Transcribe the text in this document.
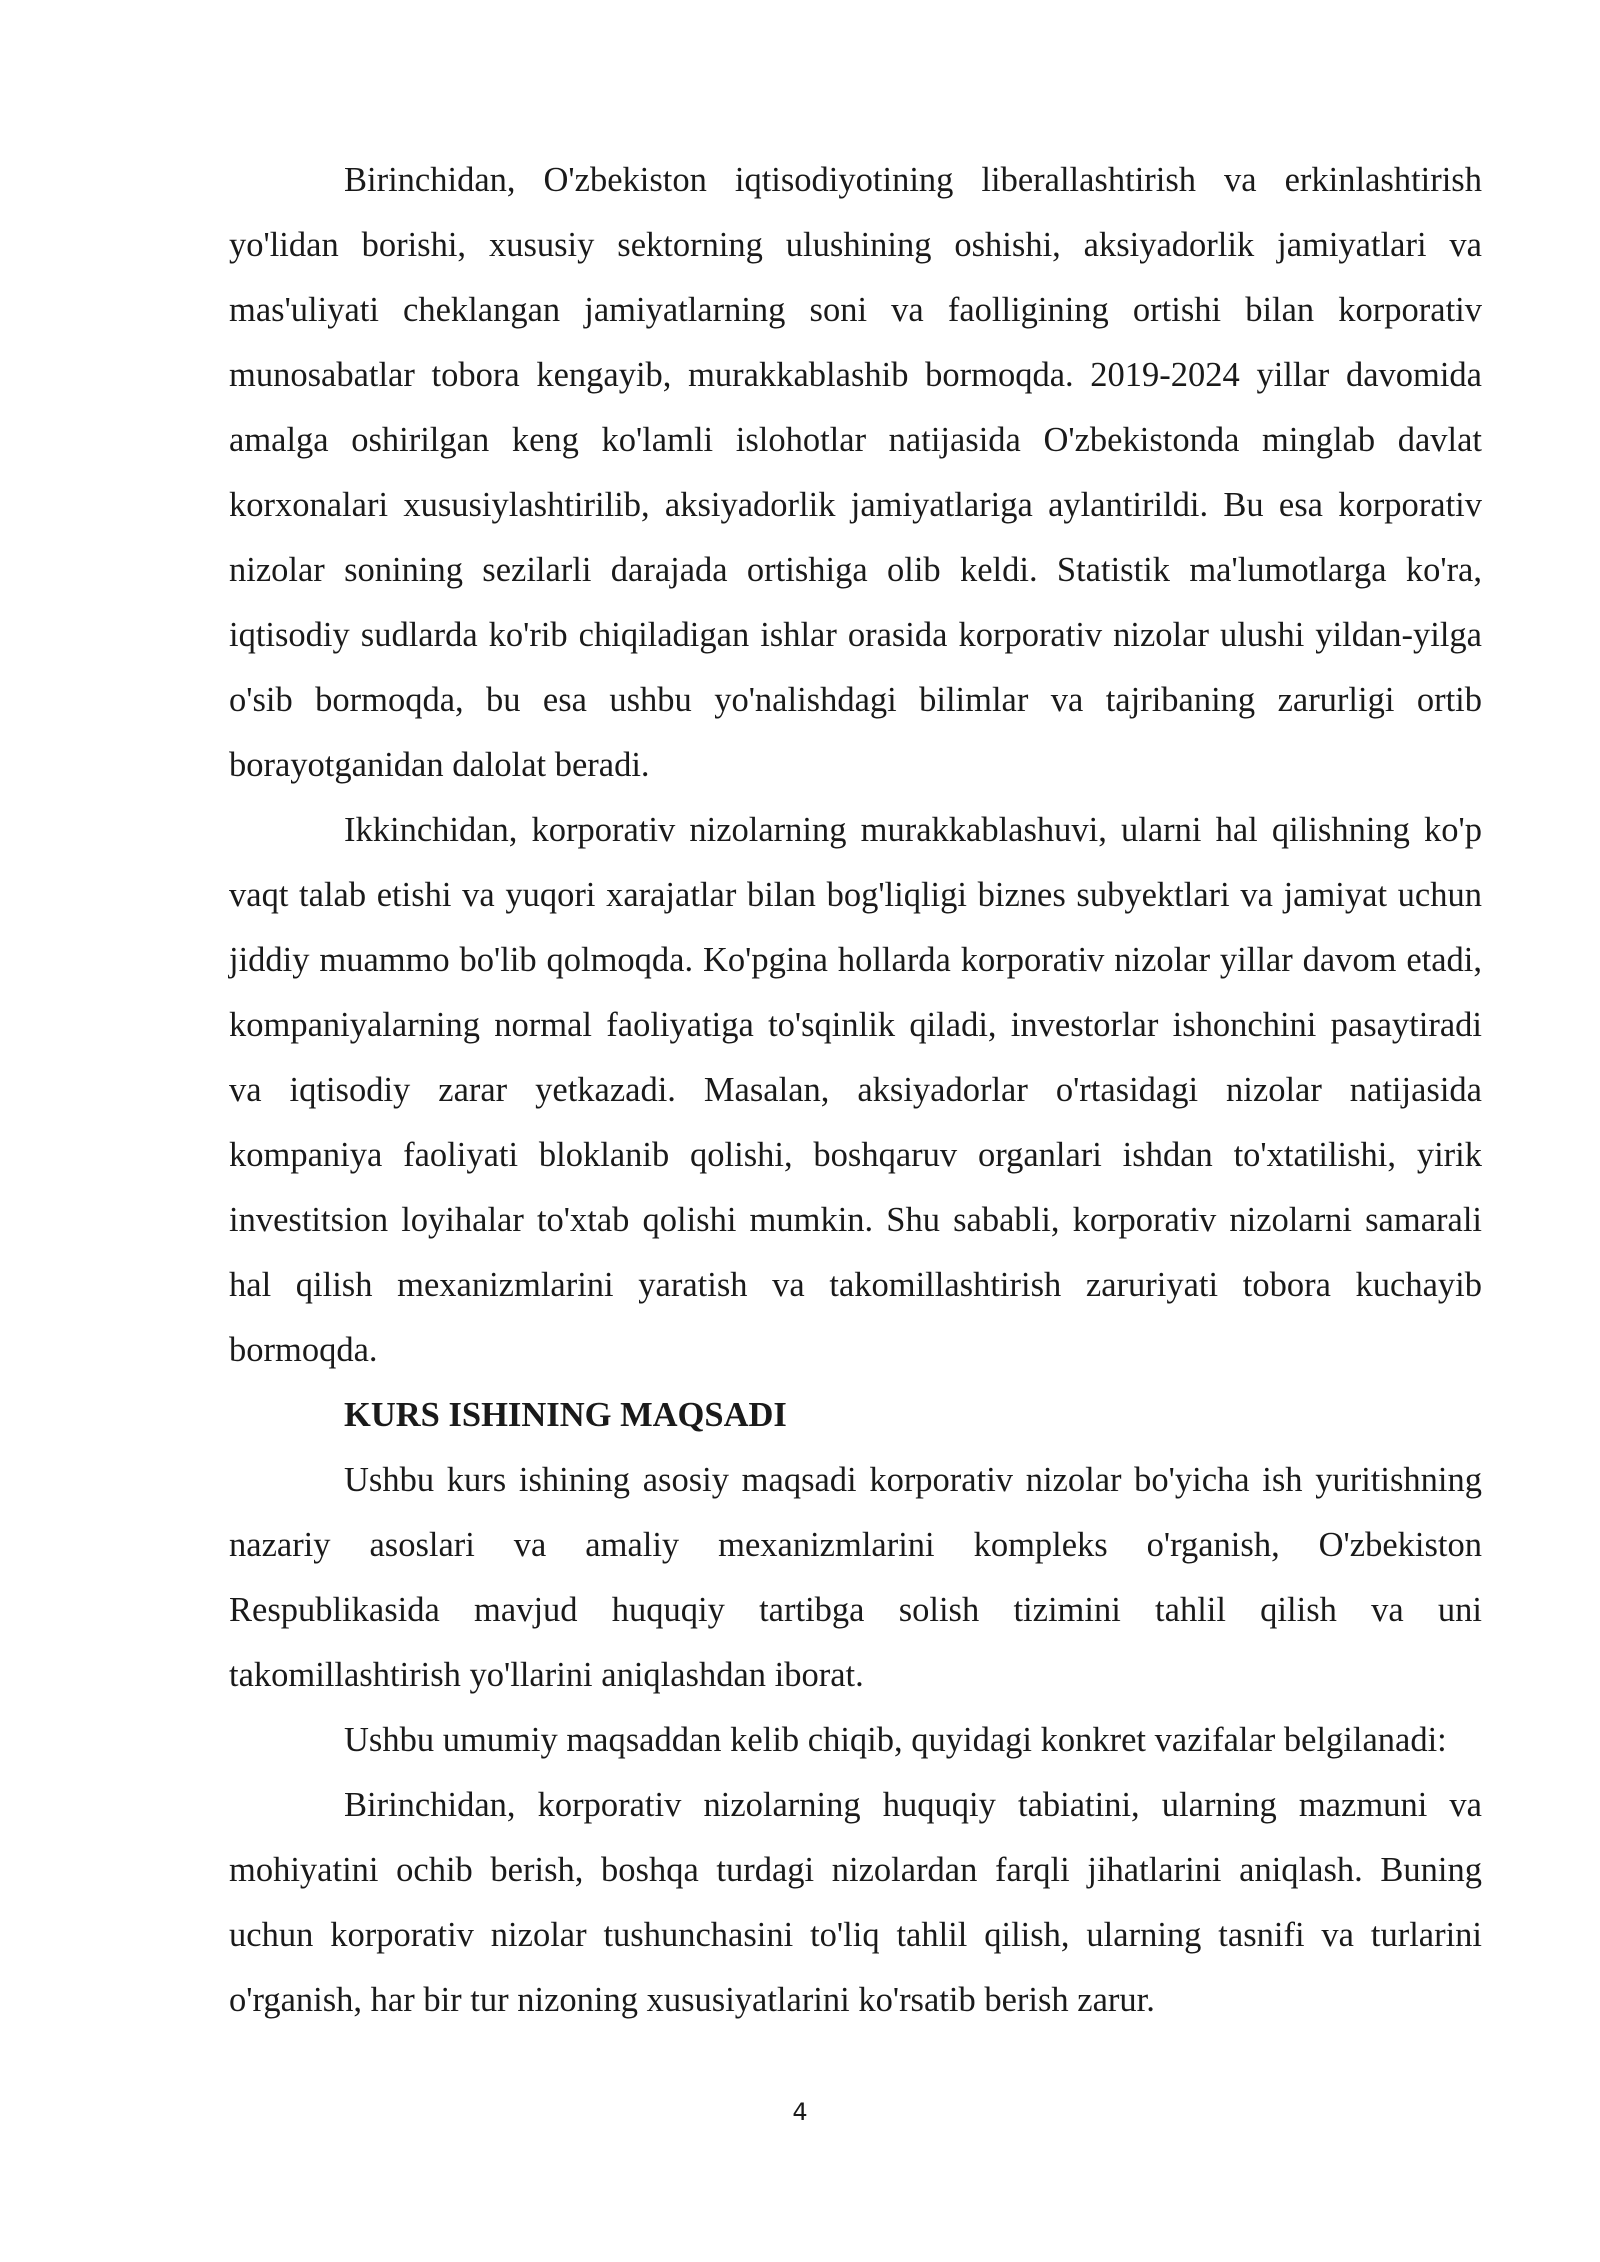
Birinchidan, O'zbekiston iqtisodiyotining liberallashtirish va erkinlashtirish yo'lidan borishi, xususiy sektorning ulushining oshishi, aksiyadorlik jamiyatlari va mas'uliyati cheklangan jamiyatlarning soni va faolligining ortishi bilan korporativ munosabatlar tobora kengayib, murakkablashib bormoqda. 2019-2024 yillar davomida amalga oshirilgan keng ko'lamli islohotlar natijasida O'zbekistonda minglab davlat korxonalari xususiylashtirilib, aksiyadorlik jamiyatlariga aylantirildi. Bu esa korporativ nizolar sonining sezilarli darajada ortishiga olib keldi. Statistik ma'lumotlarga ko'ra, iqtisodiy sudlarda ko'rib chiqiladigan ishlar orasida korporativ nizolar ulushi yildan-yilga o'sib bormoqda, bu esa ushbu yo'nalishdagi bilimlar va tajribaning zarurligi ortib borayotganidan dalolat beradi.

Ikkinchidan, korporativ nizolarning murakkablashuvi, ularni hal qilishning ko'p vaqt talab etishi va yuqori xarajatlar bilan bog'liqligi biznes subyektlari va jamiyat uchun jiddiy muammo bo'lib qolmoqda. Ko'pgina hollarda korporativ nizolar yillar davom etadi, kompaniyalarning normal faoliyatiga to'sqinlik qiladi, investorlar ishonchini pasaytiradi va iqtisodiy zarar yetkazadi. Masalan, aksiyadorlar o'rtasidagi nizolar natijasida kompaniya faoliyati bloklanib qolishi, boshqaruv organlari ishdan to'xtatilishi, yirik investitsion loyihalar to'xtab qolishi mumkin. Shu sababli, korporativ nizolarni samarali hal qilish mexanizmlarini yaratish va takomillashtirish zaruriyati tobora kuchayib bormoqda.

KURS ISHINING MAQSADI

Ushbu kurs ishining asosiy maqsadi korporativ nizolar bo'yicha ish yuritishning nazariy asoslari va amaliy mexanizmlarini kompleks o'rganish, O'zbekiston Respublikasida mavjud huquqiy tartibga solish tizimini tahlil qilish va uni takomillashtirish yo'llarini aniqlashdan iborat.

Ushbu umumiy maqsaddan kelib chiqib, quyidagi konkret vazifalar belgilanadi:

Birinchidan, korporativ nizolarning huquqiy tabiatini, ularning mazmuni va mohiyatini ochib berish, boshqa turdagi nizolardan farqli jihatlarini aniqlash. Buning uchun korporativ nizolar tushunchasini to'liq tahlil qilish, ularning tasnifi va turlarini o'rganish, har bir tur nizoning xususiyatlarini ko'rsatib berish zarur.

4
